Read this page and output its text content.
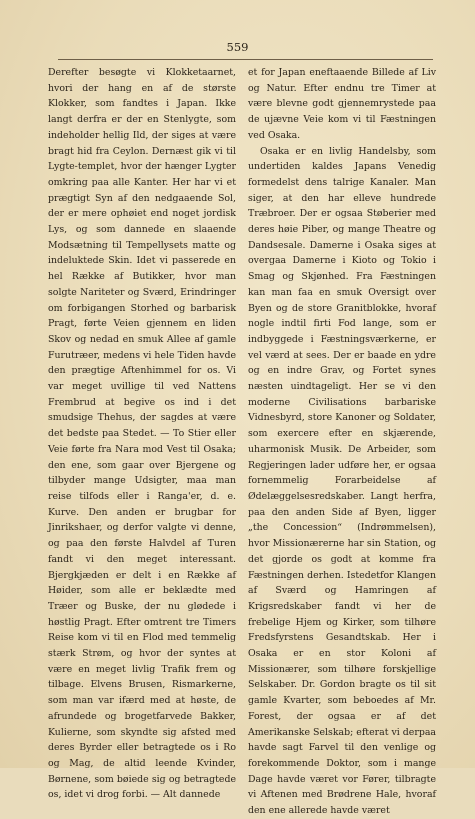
559

Derefter besøgte vi Klokketaarnet, hvori der hang en af de største Klokker, som fandtes i Japan. Ikke langt derfra er der en Stenlygte, som indeholder hellig Ild, der siges at være bragt hid fra Ceylon. Dernæst gik vi til Lygte-templet, hvor der hænger Lygter omkring paa alle Kanter. Her har vi et prægtigt Syn af den nedgaaende Sol, der er mere ophøiet end noget jordisk Lys, og som dannede en slaaende Modsætning til Tempellysets matte og indeluktede Skin. Idet vi passerede en hel Række af Butikker, hvor man solgte Nariteter og Sværd, Erindringer om forbigangen Storhed og barbarisk Pragt, førte Veien gjennem en liden Skov og nedad en smuk Allee af gamle Furutræer, medens vi hele Tiden havde den prægtige Aftenhimmel for os. Vi var meget uvillige til ved Nattens Frembrud at begive os ind i det smudsige Thehus, der sagdes at være det bedste paa Stedet. — To Stier eller Veie førte fra Nara mod Vest til Osaka; den ene, som gaar over Bjergene og tilbyder mange Udsigter, maa man reise tilfods eller i Ranga'er, d. e. Kurve. Den anden er brugbar for Jinrikshaer, og derfor valgte vi denne, og paa den første Halvdel af Turen fandt vi den meget interessant. Bjergkjæden er delt i en Række af Høider, som alle er beklædte med Træer og Buske, der nu glødede i høstlig Pragt. Efter omtrent tre Timers Reise kom vi til en Flod med temmelig stærk Strøm, og hvor der syntes at være en meget livlig Trafik frem og tilbage. Elvens Brusen, Rismarkerne, som man var ifærd med at høste, de afrundede og brogetfarvede Bakker, Kulierne, som skyndte sig afsted med deres Byrder eller betragtede os i Ro og Mag, de altid leende Kvinder, Børnene, som bøiede sig og betragtede os, idet vi drog forbi. — Alt dannede

et for Japan eneftaaende Billede af Liv og Natur. Efter endnu tre Timer at være blevne godt gjennemrystede paa de ujævne Veie kom vi til Fæstningen ved Osaka.

Osaka er en livlig Handelsby, som undertiden kaldes Japans Venedig formedelst dens talrige Kanaler. Man siger, at den har elleve hundrede Træbroer. Der er ogsaa Støberier med deres høie Piber, og mange Theatre og Dandsesale. Damerne i Osaka siges at overgaa Damerne i Kioto og Tokio i Smag og Skjønhed. Fra Fæstningen kan man faa en smuk Oversigt over Byen og de store Granitblokke, hvoraf nogle indtil firti Fod lange, som er indbyggede i Fæstningsværkerne, er vel værd at sees. Der er baade en ydre og en indre Grav, og Fortet synes næsten uindtageligt. Her se vi den moderne Civilisations barbariske Vidnesbyrd, store Kanoner og Soldater, som exercere efter en skjærende, uharmonisk Musik. De Arbeider, som Regjeringen lader udføre her, er ogsaa fornemmelig Forarbeidelse af Ødelæggelsesredskaber. Langt herfra, paa den anden Side af Byen, ligger „the Concession“ (Indrømmelsen), hvor Missionærerne har sin Station, og det gjorde os godt at komme fra Fæstningen derhen. Istedetfor Klangen af Sværd og Hamringen af Krigsredskaber fandt vi her de frebelige Hjem og Kirker, som tilhøre Fredsfyrstens Gesandtskab. Her i Osaka er en stor Koloni af Missionærer, som tilhøre forskjellige Selskaber. Dr. Gordon bragte os til sit gamle Kvarter, som beboedes af Mr. Forest, der ogsaa er af det Amerikanske Selskab; efterat vi derpaa havde sagt Farvel til den venlige og forekommende Doktor, som i mange Dage havde været vor Fører, tilbragte vi Aftenen med Brødrene Hale, hvoraf den ene allerede havde været
